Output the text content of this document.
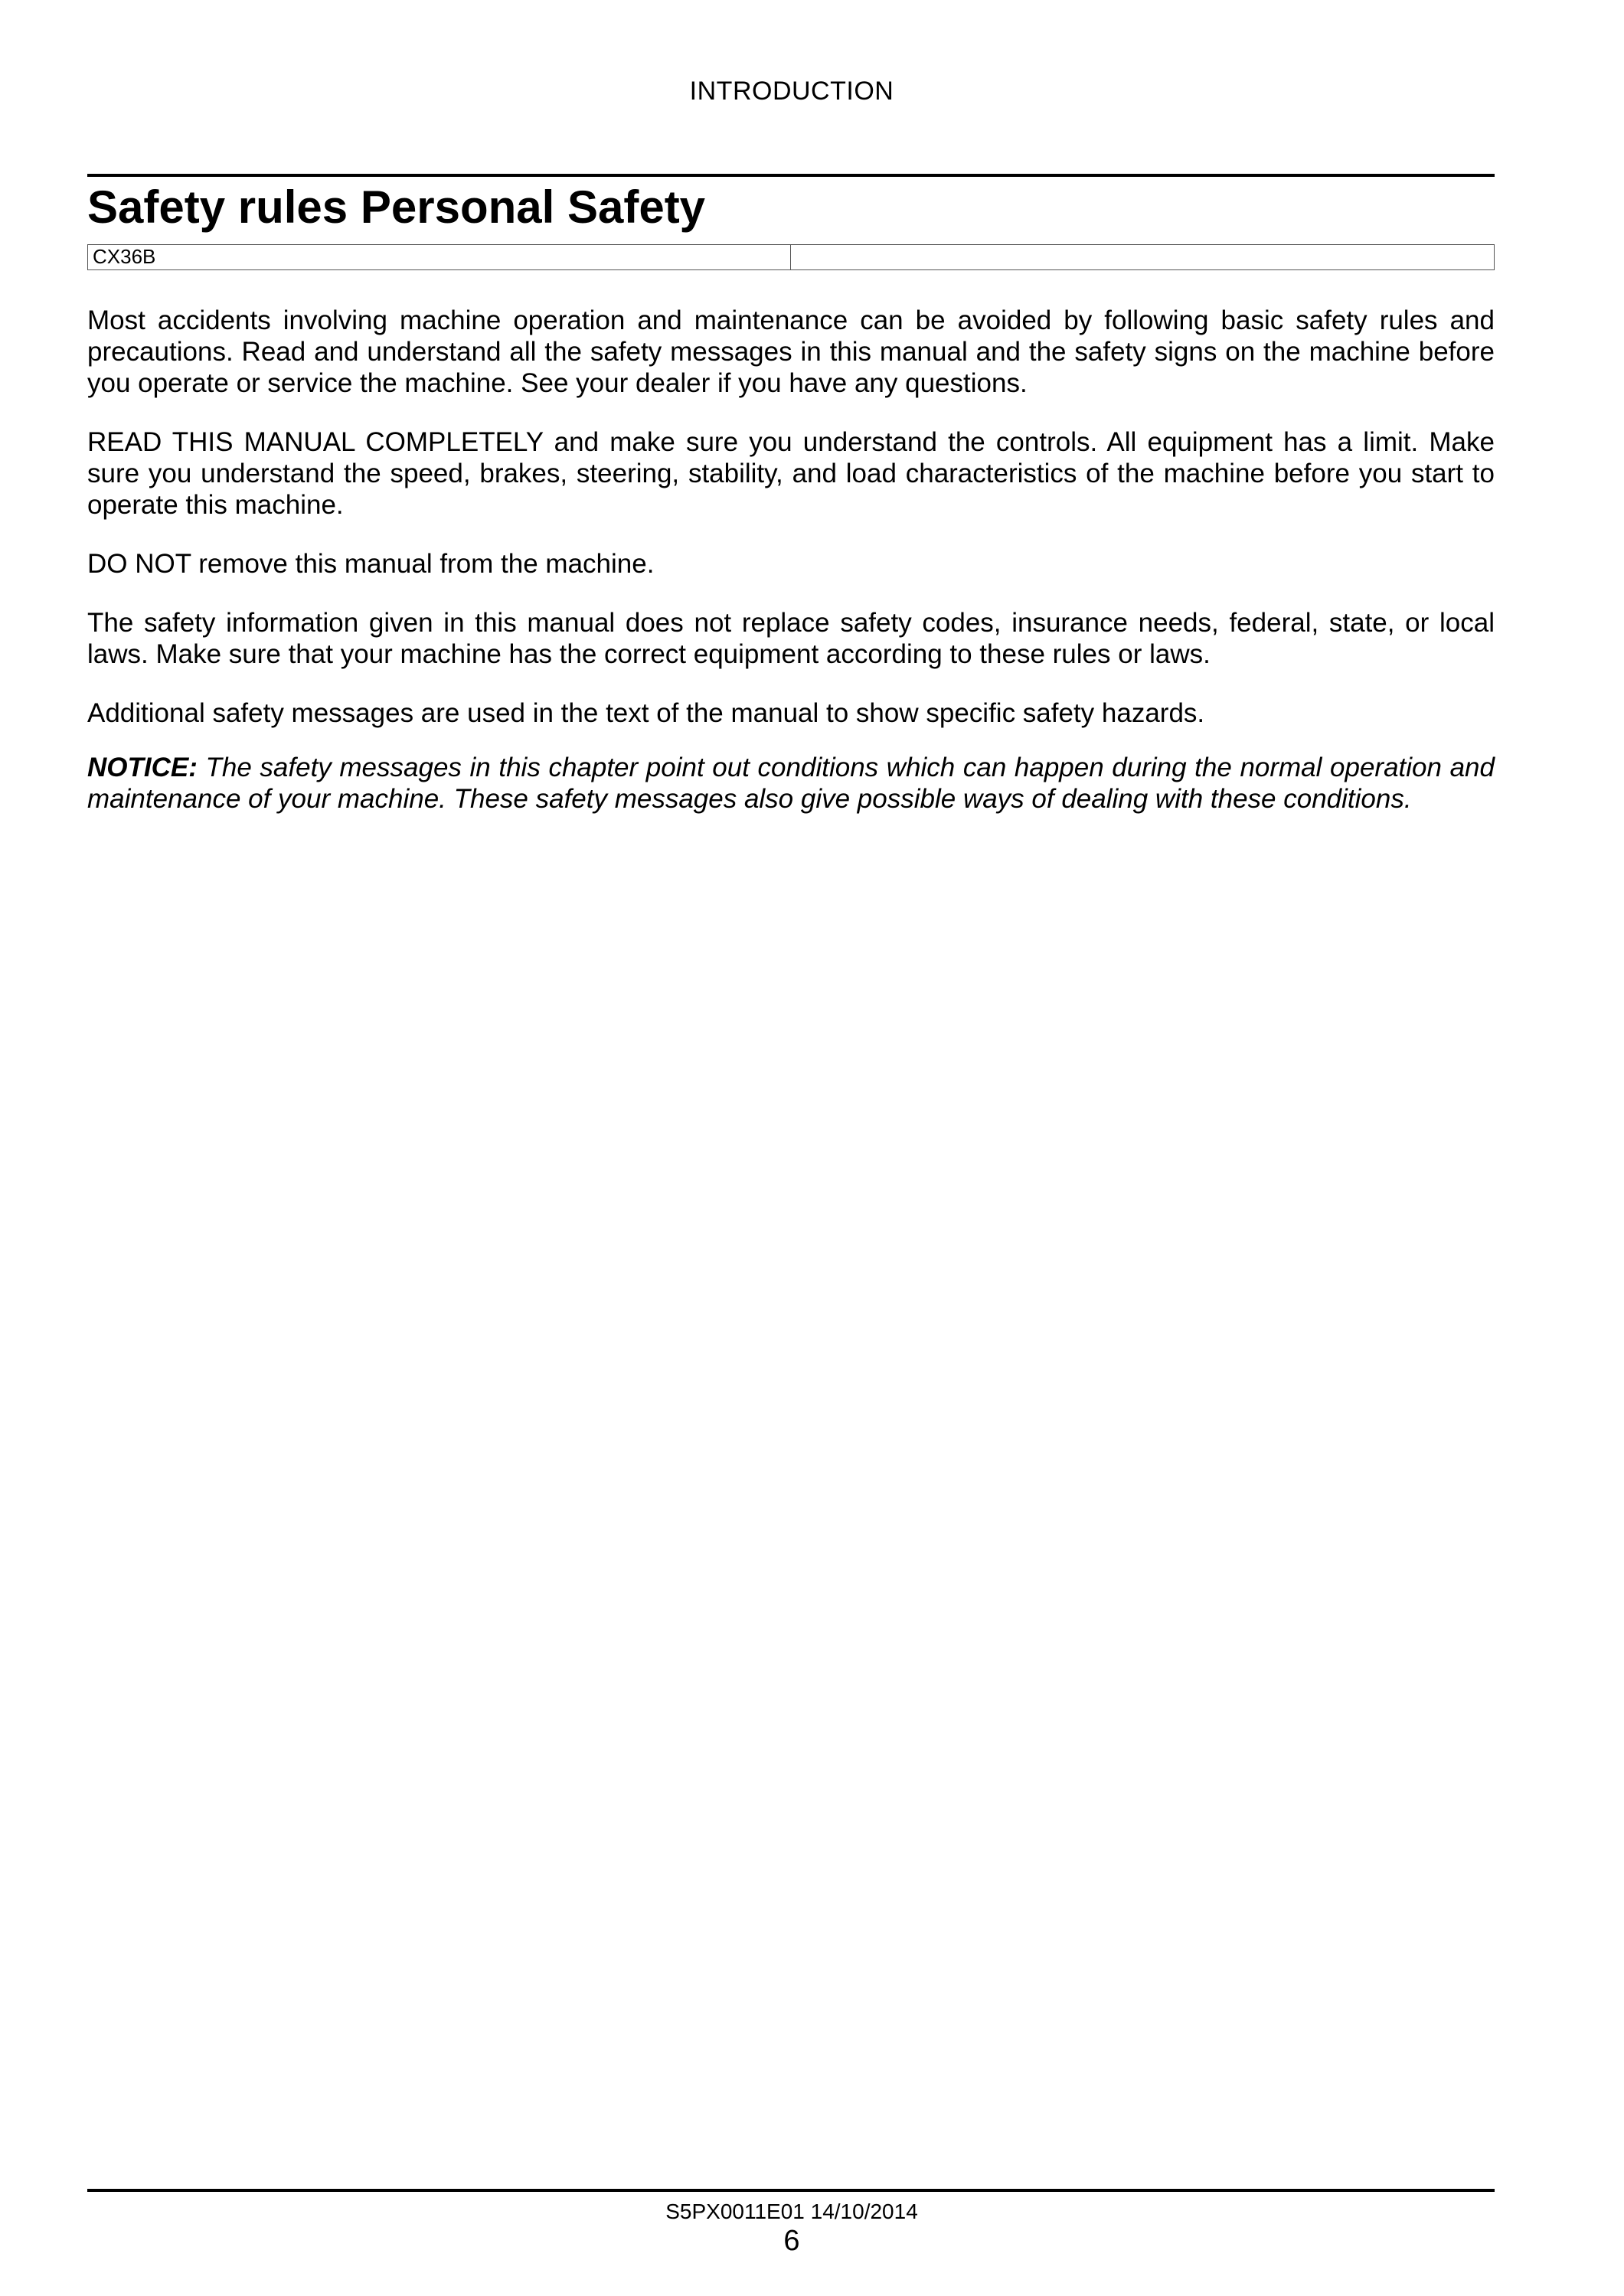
INTRODUCTION
Safety rules Personal Safety
CX36B

Most accidents involving machine operation and maintenance can be avoided by following basic safety rules and precautions. Read and understand all the safety messages in this manual and the safety signs on the machine before you operate or service the machine. See your dealer if you have any questions.

READ THIS MANUAL COMPLETELY and make sure you understand the controls. All equipment has a limit. Make sure you understand the speed, brakes, steering, stability, and load characteristics of the machine before you start to operate this machine.

DO NOT remove this manual from the machine.

The safety information given in this manual does not replace safety codes, insurance needs, federal, state, or local laws. Make sure that your machine has the correct equipment according to these rules or laws.

Additional safety messages are used in the text of the manual to show specific safety hazards.

NOTICE: The safety messages in this chapter point out conditions which can happen during the normal operation and maintenance of your machine. These safety messages also give possible ways of dealing with these conditions.

S5PX0011E01 14/10/2014
6
